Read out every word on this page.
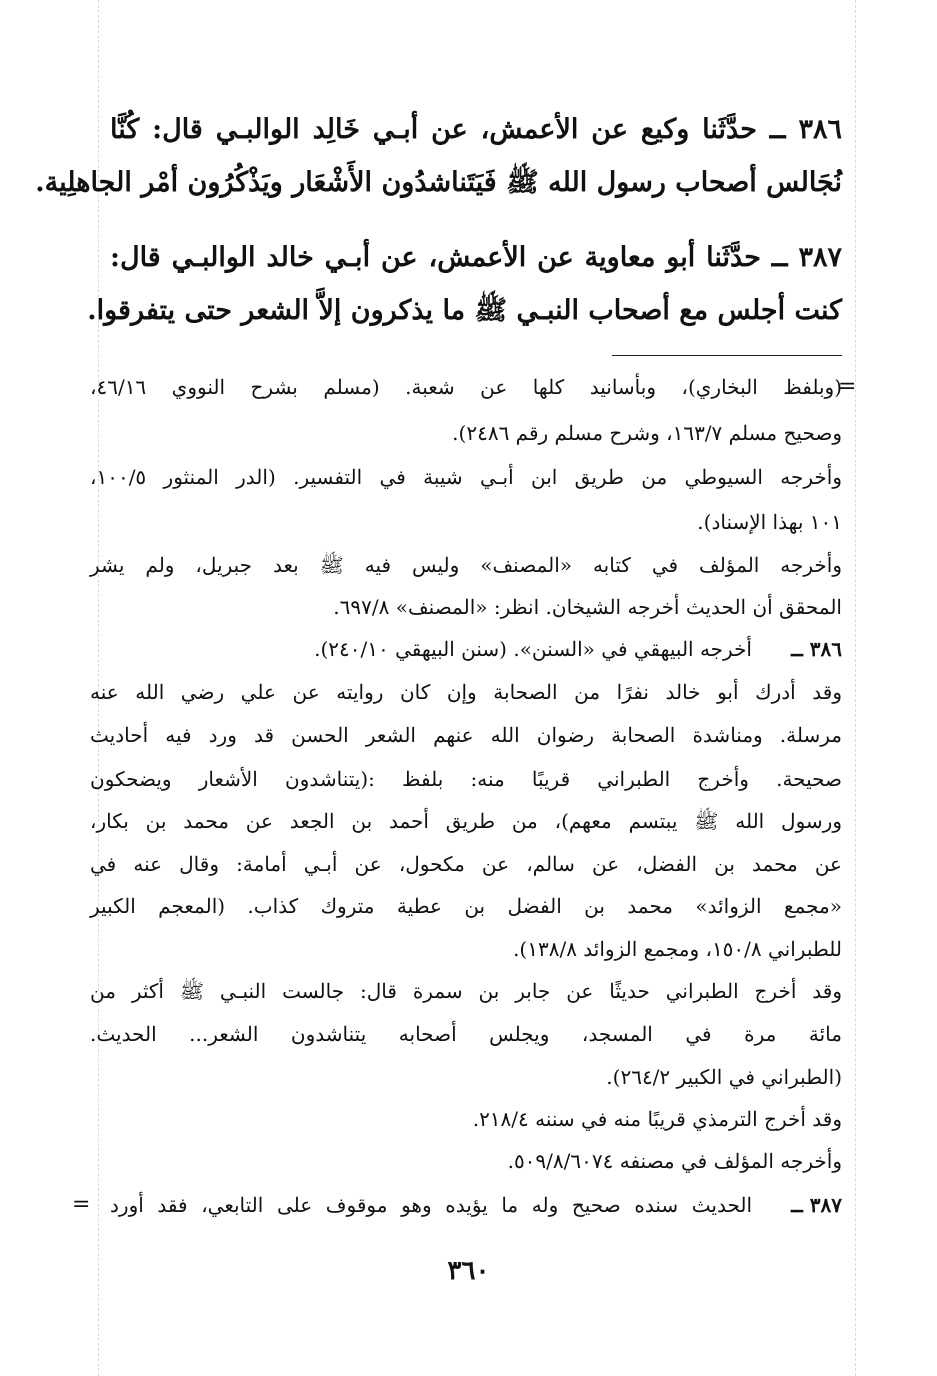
٣٨٦ ــ حدَّثَنا وكيع عن الأعمش، عن أبـي خَالِد الوالبـي قال: كُنَّا
نُجَالس أصحاب رسول الله ﷺ فَيَتَناشدُون الأَشْعَار ويَذْكُرُون أمْر الجاهلِية.
٣٨٧ ــ حدَّثَنا أبو معاوية عن الأعمش، عن أبـي خالد الوالبـي قال:
كنت أجلس مع أصحاب النبـي ﷺ ما يذكرون إلاَّ الشعر حتى يتفرقوا.
=
(وبلفظ البخاري)، وبأسانيد كلها عن شعبة. (مسلم بشرح النووي ٤٦/١٦،
وصحيح مسلم ١٦٣/٧، وشرح مسلم رقم ٢٤٨٦).
وأخرجه السيوطي من طريق ابن أبـي شيبة في التفسير. (الدر المنثور ١٠٠/٥،
١٠١ بهذا الإسناد).
وأخرجه المؤلف في كتابه «المصنف» وليس فيه ﷺ بعد جبريل، ولم يشر
المحقق أن الحديث أخرجه الشيخان. انظر: «المصنف» ٦٩٧/٨.
٣٨٦ ــ
أخرجه البيهقي في «السنن». (سنن البيهقي ٢٤٠/١٠).
وقد أدرك أبو خالد نفرًا من الصحابة وإن كان روايته عن علي رضي الله عنه
مرسلة. ومناشدة الصحابة رضوان الله عنهم الشعر الحسن قد ورد فيه أحاديث
صحيحة. وأخرج الطبراني قريبًا منه: بلفظ :(يتناشدون الأشعار ويضحكون
ورسول الله ﷺ يبتسم معهم)، من طريق أحمد بن الجعد عن محمد بن بكار،
عن محمد بن الفضل، عن سالم، عن مكحول، عن أبـي أمامة: وقال عنه في
«مجمع الزوائد» محمد بن الفضل بن عطية متروك كذاب. (المعجم الكبير
للطبراني ١٥٠/٨، ومجمع الزوائد ١٣٨/٨).
وقد أخرج الطبراني حديثًا عن جابر بن سمرة قال: جالست النبـي ﷺ أكثر من
مائة مرة في المسجد، ويجلس أصحابه يتناشدون الشعر... الحديث.
(الطبراني في الكبير ٢٦٤/٢).
وقد أخرج الترمذي قريبًا منه في سننه ٢١٨/٤.
وأخرجه المؤلف في مصنفه ٥٠٩/٨/٦٠٧٤.
٣٨٧ ــ
الحديث سنده صحيح وله ما يؤيده وهو موقوف على التابعي، فقد أورد
=
٣٦٠
